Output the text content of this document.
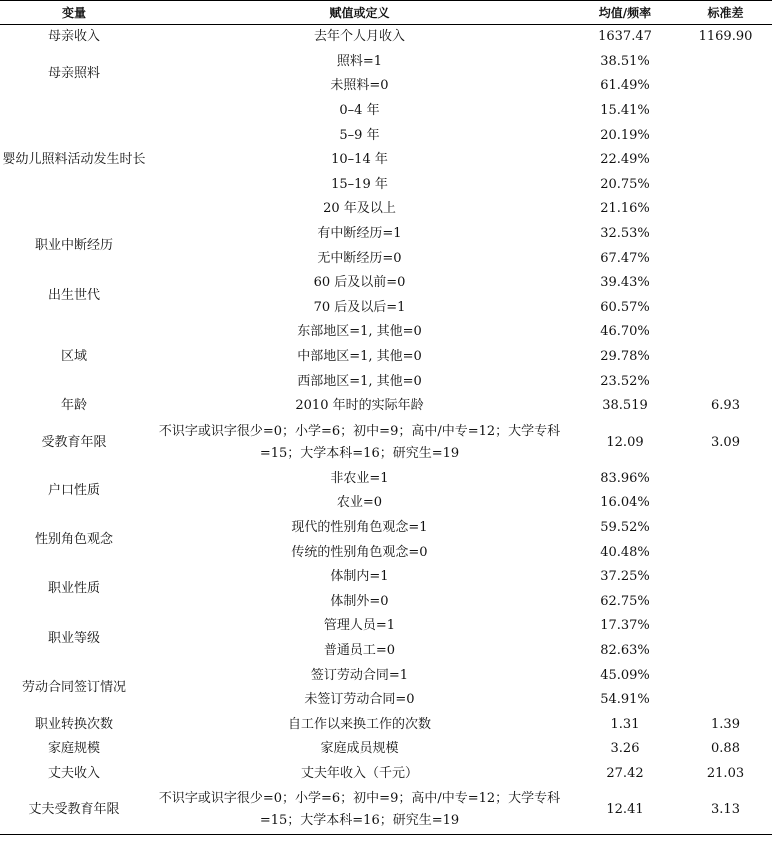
变量	赋值或定义	均值/频率	标准差
母亲收入	去年个人月收入	1637.47	1169.90
母亲照料	照料=1	38.51%	
	未照料=0	61.49%	
婴幼儿照料活动发生时长	0–4 年	15.41%	
	5–9 年	20.19%	
	10–14 年	22.49%	
	15–19 年	20.75%	
	20 年及以上	21.16%	
职业中断经历	有中断经历=1	32.53%	
	无中断经历=0	67.47%	
出生世代	60 后及以前=0	39.43%	
	70 后及以后=1	60.57%	
区域	东部地区=1, 其他=0	46.70%	
	中部地区=1, 其他=0	29.78%	
	西部地区=1, 其他=0	23.52%	
年龄	2010 年时的实际年龄	38.519	6.93
受教育年限	不识字或识字很少=0；小学=6；初中=9；高中/中专=12；大学专科=15；大学本科=16；研究生=19	12.09	3.09
户口性质	非农业=1	83.96%	
	农业=0	16.04%	
性别角色观念	现代的性别角色观念=1	59.52%	
	传统的性别角色观念=0	40.48%	
职业性质	体制内=1	37.25%	
	体制外=0	62.75%	
职业等级	管理人员=1	17.37%	
	普通员工=0	82.63%	
劳动合同签订情况	签订劳动合同=1	45.09%	
	未签订劳动合同=0	54.91%	
职业转换次数	自工作以来换工作的次数	1.31	1.39
家庭规模	家庭成员规模	3.26	0.88
丈夫收入	丈夫年收入（千元）	27.42	21.03
丈夫受教育年限	不识字或识字很少=0；小学=6；初中=9；高中/中专=12；大学专科=15；大学本科=16；研究生=19	12.41	3.13
